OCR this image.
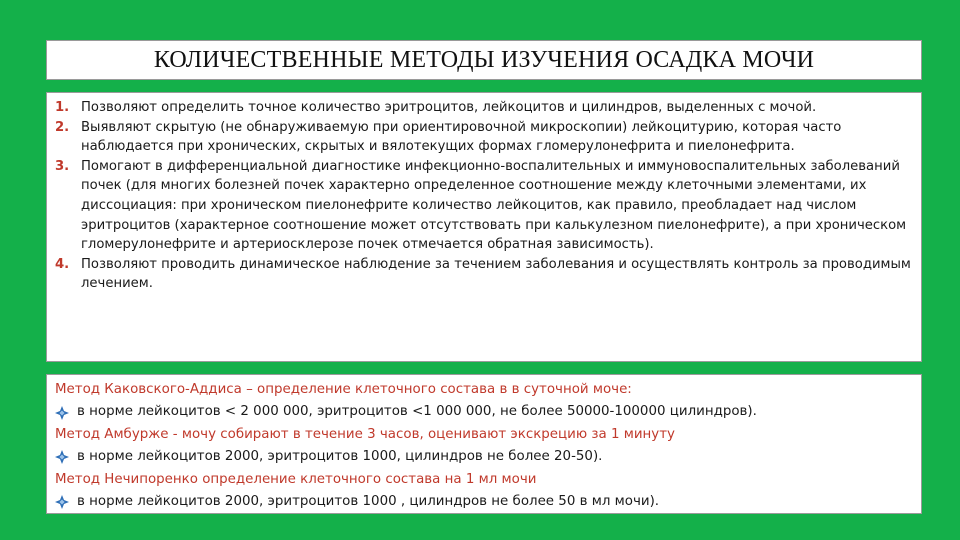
КОЛИЧЕСТВЕННЫЕ МЕТОДЫ ИЗУЧЕНИЯ ОСАДКА МОЧИ
1. Позволяют определить точное количество эритроцитов, лейкоцитов и цилиндров, выделенных с мочой.
2. Выявляют скрытую (не обнаруживаемую при ориентировочной микроскопии) лейкоцитурию, которая часто наблюдается при хронических, скрытых и вялотекущих формах гломерулонефрита и пиелонефрита.
3. Помогают в дифференциальной диагностике инфекционно-воспалительных и иммуновоспалительных заболеваний почек (для многих болезней почек характерно определенное соотношение между клеточными элементами, их диссоциация: при хроническом пиелонефрите количество лейкоцитов, как правило, преобладает над числом эритроцитов (характерное соотношение может отсутствовать при калькулезном пиелонефрите), а при хроническом гломерулонефрите и артериосклерозе почек отмечается обратная зависимость).
4. Позволяют проводить динамическое наблюдение за течением заболевания и осуществлять контроль за проводимым лечением.
Метод Каковского-Аддиса – определение клеточного состава в в суточной моче:
в норме лейкоцитов < 2 000 000, эритроцитов <1 000 000, не более 50000-100000 цилиндров).
Метод Амбурже - мочу собирают в течение 3 часов, оценивают экскрецию за 1 минуту
в норме лейкоцитов 2000, эритроцитов 1000, цилиндров не более 20-50).
Метод Нечипоренко определение клеточного состава на 1 мл мочи
в норме лейкоцитов 2000, эритроцитов 1000 , цилиндров не более 50 в мл мочи).
